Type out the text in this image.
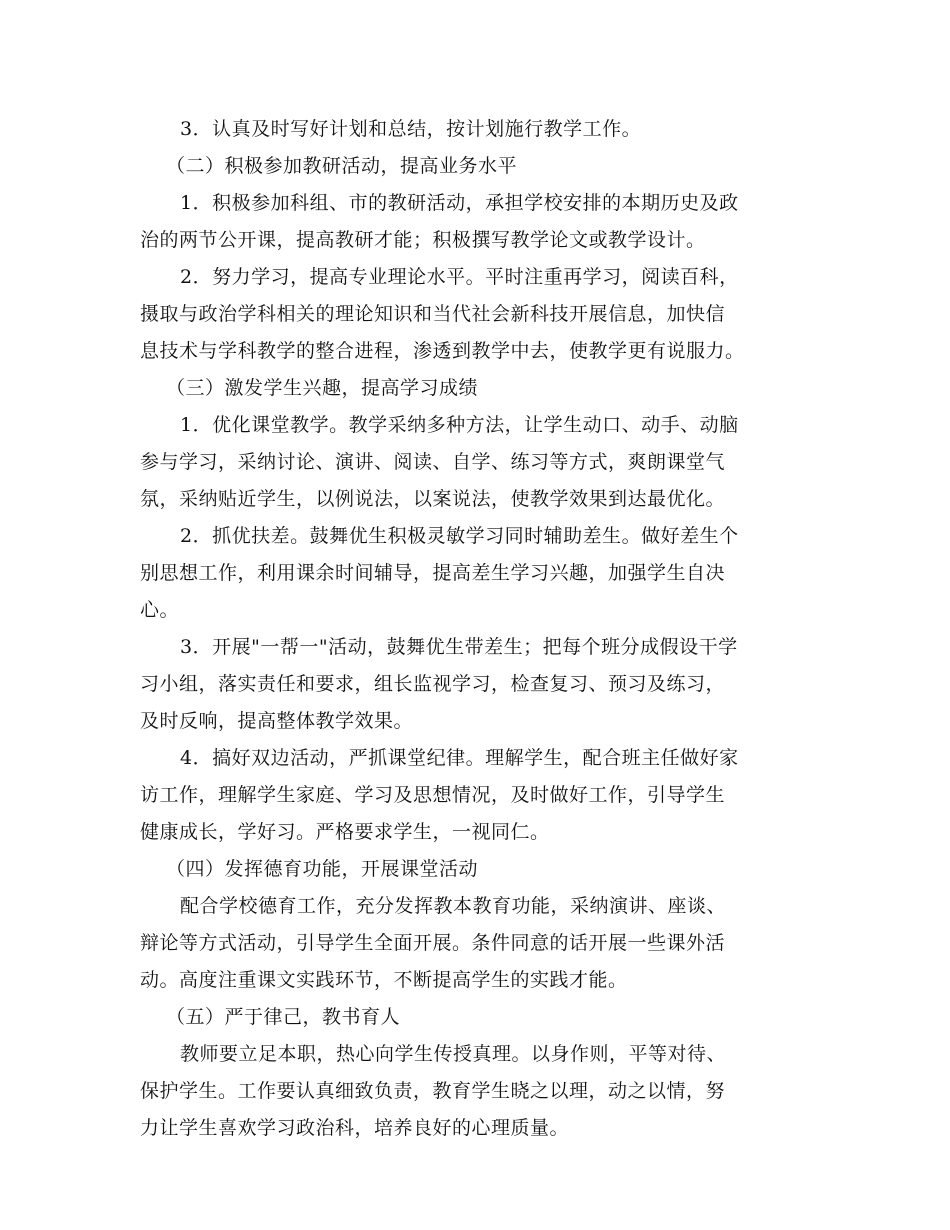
3．认真及时写好计划和总结，按计划施行教学工作。
（二）积极参加教研活动，提高业务水平
1．积极参加科组、市的教研活动，承担学校安排的本期历史及政
治的两节公开课，提高教研才能；积极撰写教学论文或教学设计。
2．努力学习，提高专业理论水平。平时注重再学习，阅读百科，
摄取与政治学科相关的理论知识和当代社会新科技开展信息，加快信
息技术与学科教学的整合进程，渗透到教学中去，使教学更有说服力。
（三）激发学生兴趣，提高学习成绩
1．优化课堂教学。教学采纳多种方法，让学生动口、动手、动脑
参与学习，采纳讨论、演讲、阅读、自学、练习等方式，爽朗课堂气
氛，采纳贴近学生，以例说法，以案说法，使教学效果到达最优化。
2．抓优扶差。鼓舞优生积极灵敏学习同时辅助差生。做好差生个
别思想工作，利用课余时间辅导，提高差生学习兴趣，加强学生自决
心。
3．开展"一帮一"活动，鼓舞优生带差生；把每个班分成假设干学
习小组，落实责任和要求，组长监视学习，检查复习、预习及练习，
及时反响，提高整体教学效果。
4．搞好双边活动，严抓课堂纪律。理解学生，配合班主任做好家
访工作，理解学生家庭、学习及思想情况，及时做好工作，引导学生
健康成长，学好习。严格要求学生，一视同仁。
（四）发挥德育功能，开展课堂活动
配合学校德育工作，充分发挥教本教育功能，采纳演讲、座谈、
辩论等方式活动，引导学生全面开展。条件同意的话开展一些课外活
动。高度注重课文实践环节，不断提高学生的实践才能。
（五）严于律己，教书育人
教师要立足本职，热心向学生传授真理。以身作则，平等对待、
保护学生。工作要认真细致负责，教育学生晓之以理，动之以情，努
力让学生喜欢学习政治科，培养良好的心理质量。
